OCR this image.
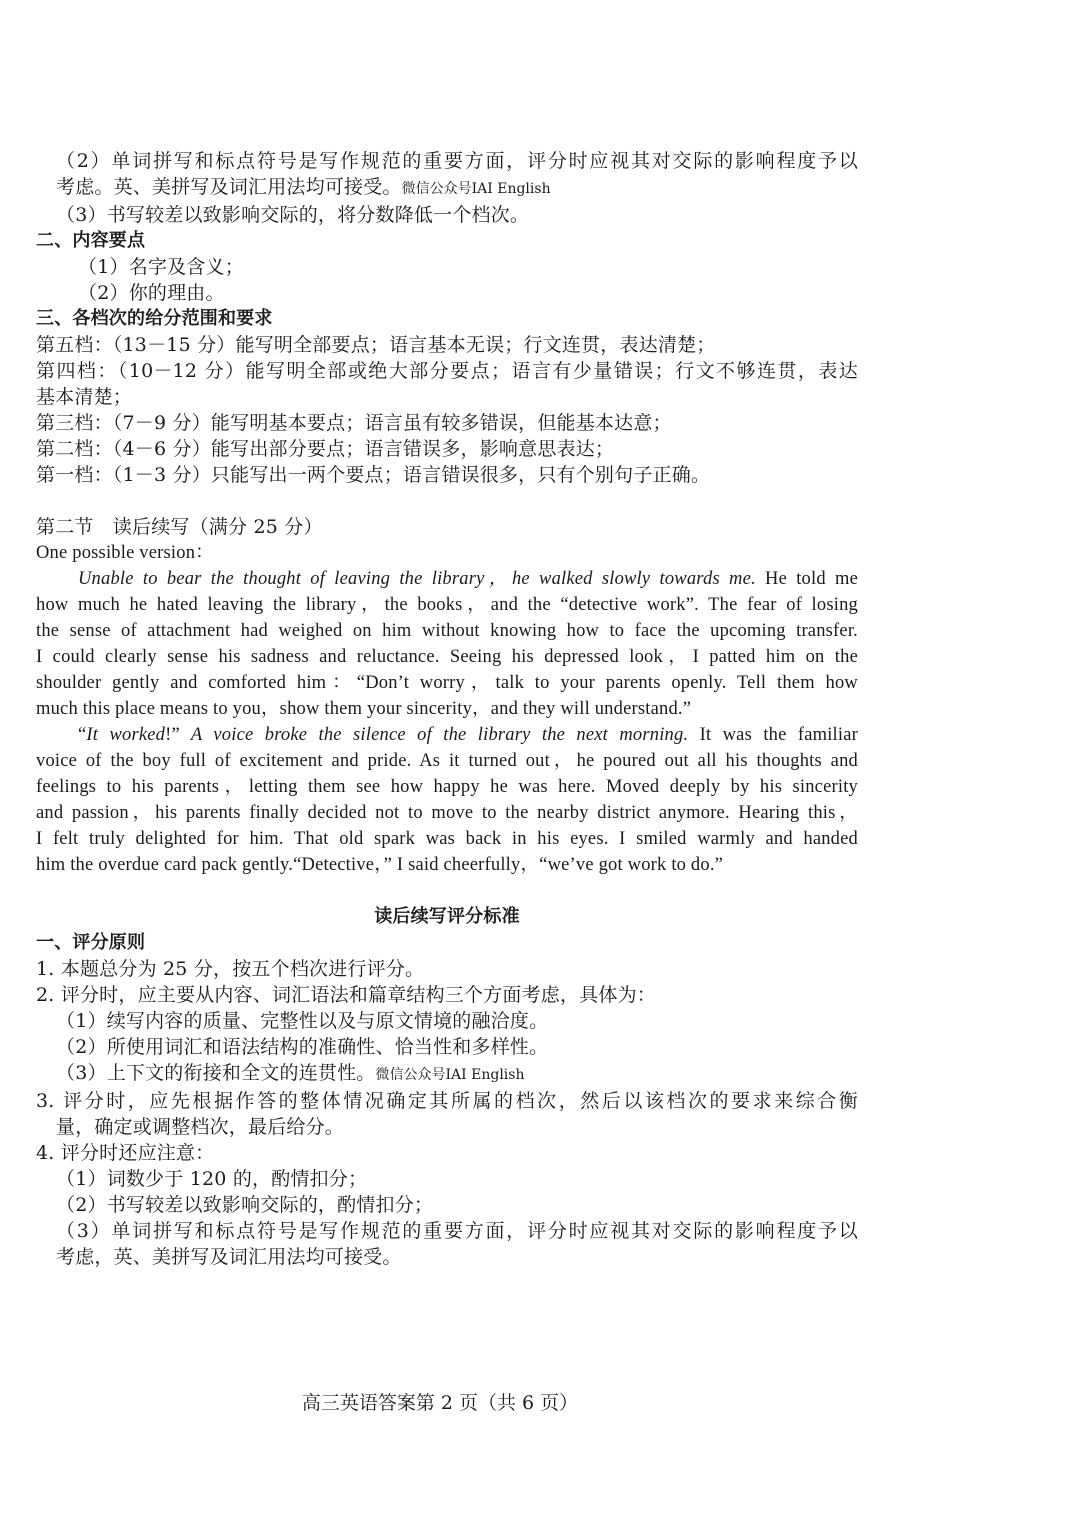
（2）单词拼写和标点符号是写作规范的重要方面，评分时应视其对交际的影响程度予以
考虑。英、美拼写及词汇用法均可接受。微信公众号IAI English
（3）书写较差以致影响交际的，将分数降低一个档次。
二、内容要点
（1）名字及含义；
（2）你的理由。
三、各档次的给分范围和要求
第五档：（13－15 分）能写明全部要点；语言基本无误；行文连贯，表达清楚；
第四档：（10－12 分）能写明全部或绝大部分要点；语言有少量错误；行文不够连贯，表达
基本清楚；
第三档：（7－9 分）能写明基本要点；语言虽有较多错误，但能基本达意；
第二档：（4－6 分）能写出部分要点；语言错误多，影响意思表达；
第一档：（1－3 分）只能写出一两个要点；语言错误很多，只有个别句子正确。
第二节　读后续写（满分 25 分）
One possible version：
Unable to bear the thought of leaving the library，he walked slowly towards me. He told me
how much he hated leaving the library，the books，and the “detective work”. The fear of losing
the sense of attachment had weighed on him without knowing how to face the upcoming transfer.
I could clearly sense his sadness and reluctance. Seeing his depressed look，I patted him on the
shoulder gently and comforted him：“Don’t worry，talk to your parents openly. Tell them how
much this place means to you，show them your sincerity，and they will understand.”
“It worked!” A voice broke the silence of the library the next morning. It was the familiar
voice of the boy full of excitement and pride. As it turned out，he poured out all his thoughts and
feelings to his parents，letting them see how happy he was here. Moved deeply by his sincerity
and passion，his parents finally decided not to move to the nearby district anymore. Hearing this，
I felt truly delighted for him. That old spark was back in his eyes. I smiled warmly and handed
him the overdue card pack gently.“Detective，” I said cheerfully，“we’ve got work to do.”
读后续写评分标准
一、评分原则
1. 本题总分为 25 分，按五个档次进行评分。
2. 评分时，应主要从内容、词汇语法和篇章结构三个方面考虑，具体为：
（1）续写内容的质量、完整性以及与原文情境的融洽度。
（2）所使用词汇和语法结构的准确性、恰当性和多样性。
（3）上下文的衔接和全文的连贯性。微信公众号IAI English
3. 评分时，应先根据作答的整体情况确定其所属的档次，然后以该档次的要求来综合衡
量，确定或调整档次，最后给分。
4. 评分时还应注意：
（1）词数少于 120 的，酌情扣分；
（2）书写较差以致影响交际的，酌情扣分；
（3）单词拼写和标点符号是写作规范的重要方面，评分时应视其对交际的影响程度予以
考虑，英、美拼写及词汇用法均可接受。
高三英语答案第 2 页（共 6 页）
